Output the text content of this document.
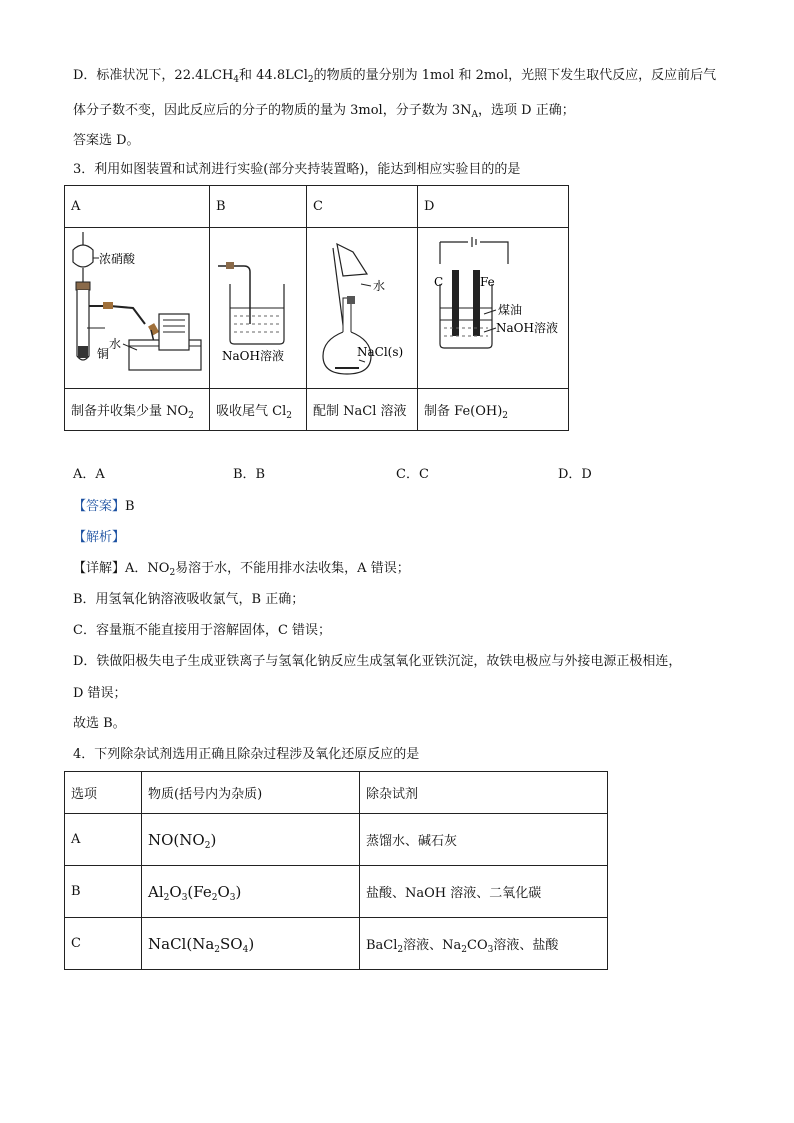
D．标准状况下，$22.4LCH_4$和 44.8LCl$_2$的物质的量分别为 1mol 和 2mol，光照下发生取代反应，反应前后气
体分子数不变，因此反应后的分子的物质的量为 3mol，分子数为 $3N_A$，选项 D 正确；
答案选 D。
3．利用如图装置和试剂进行实验(部分夹持装置略)，能达到相应实验目的的是
A	B	C	D

浓硝酸
铜
水	NaOH溶液	水
NaCl(s)	C Fe
煤油
NaOH溶液

制备并收集少量 $NO_2$	吸收尾气 $Cl_2$	配制 NaCl 溶液	制备 $Fe(OH)_2$
A．A	B．B	C．C	D．D
【答案】B
【解析】
【详解】A．$NO_2$易溶于水，不能用排水法收集，A 错误；
B．用氢氧化钠溶液吸收氯气，B 正确；
C．容量瓶不能直接用于溶解固体，C 错误；
D．铁做阳极失电子生成亚铁离子与氢氧化钠反应生成氢氧化亚铁沉淀，故铁电极应与外接电源正极相连，
D 错误；
故选 B。
4．下列除杂试剂选用正确且除杂过程涉及氧化还原反应的是
选项	物质(括号内为杂质)	除杂试剂
A	$NO(NO_2)$	蒸馏水、碱石灰
B	$Al_2O_3(Fe_2O_3)$	盐酸、NaOH 溶液、二氧化碳
C	$NaCl(Na_2SO_4)$	BaCl$_2$溶液、$Na_2CO_3$溶液、盐酸
